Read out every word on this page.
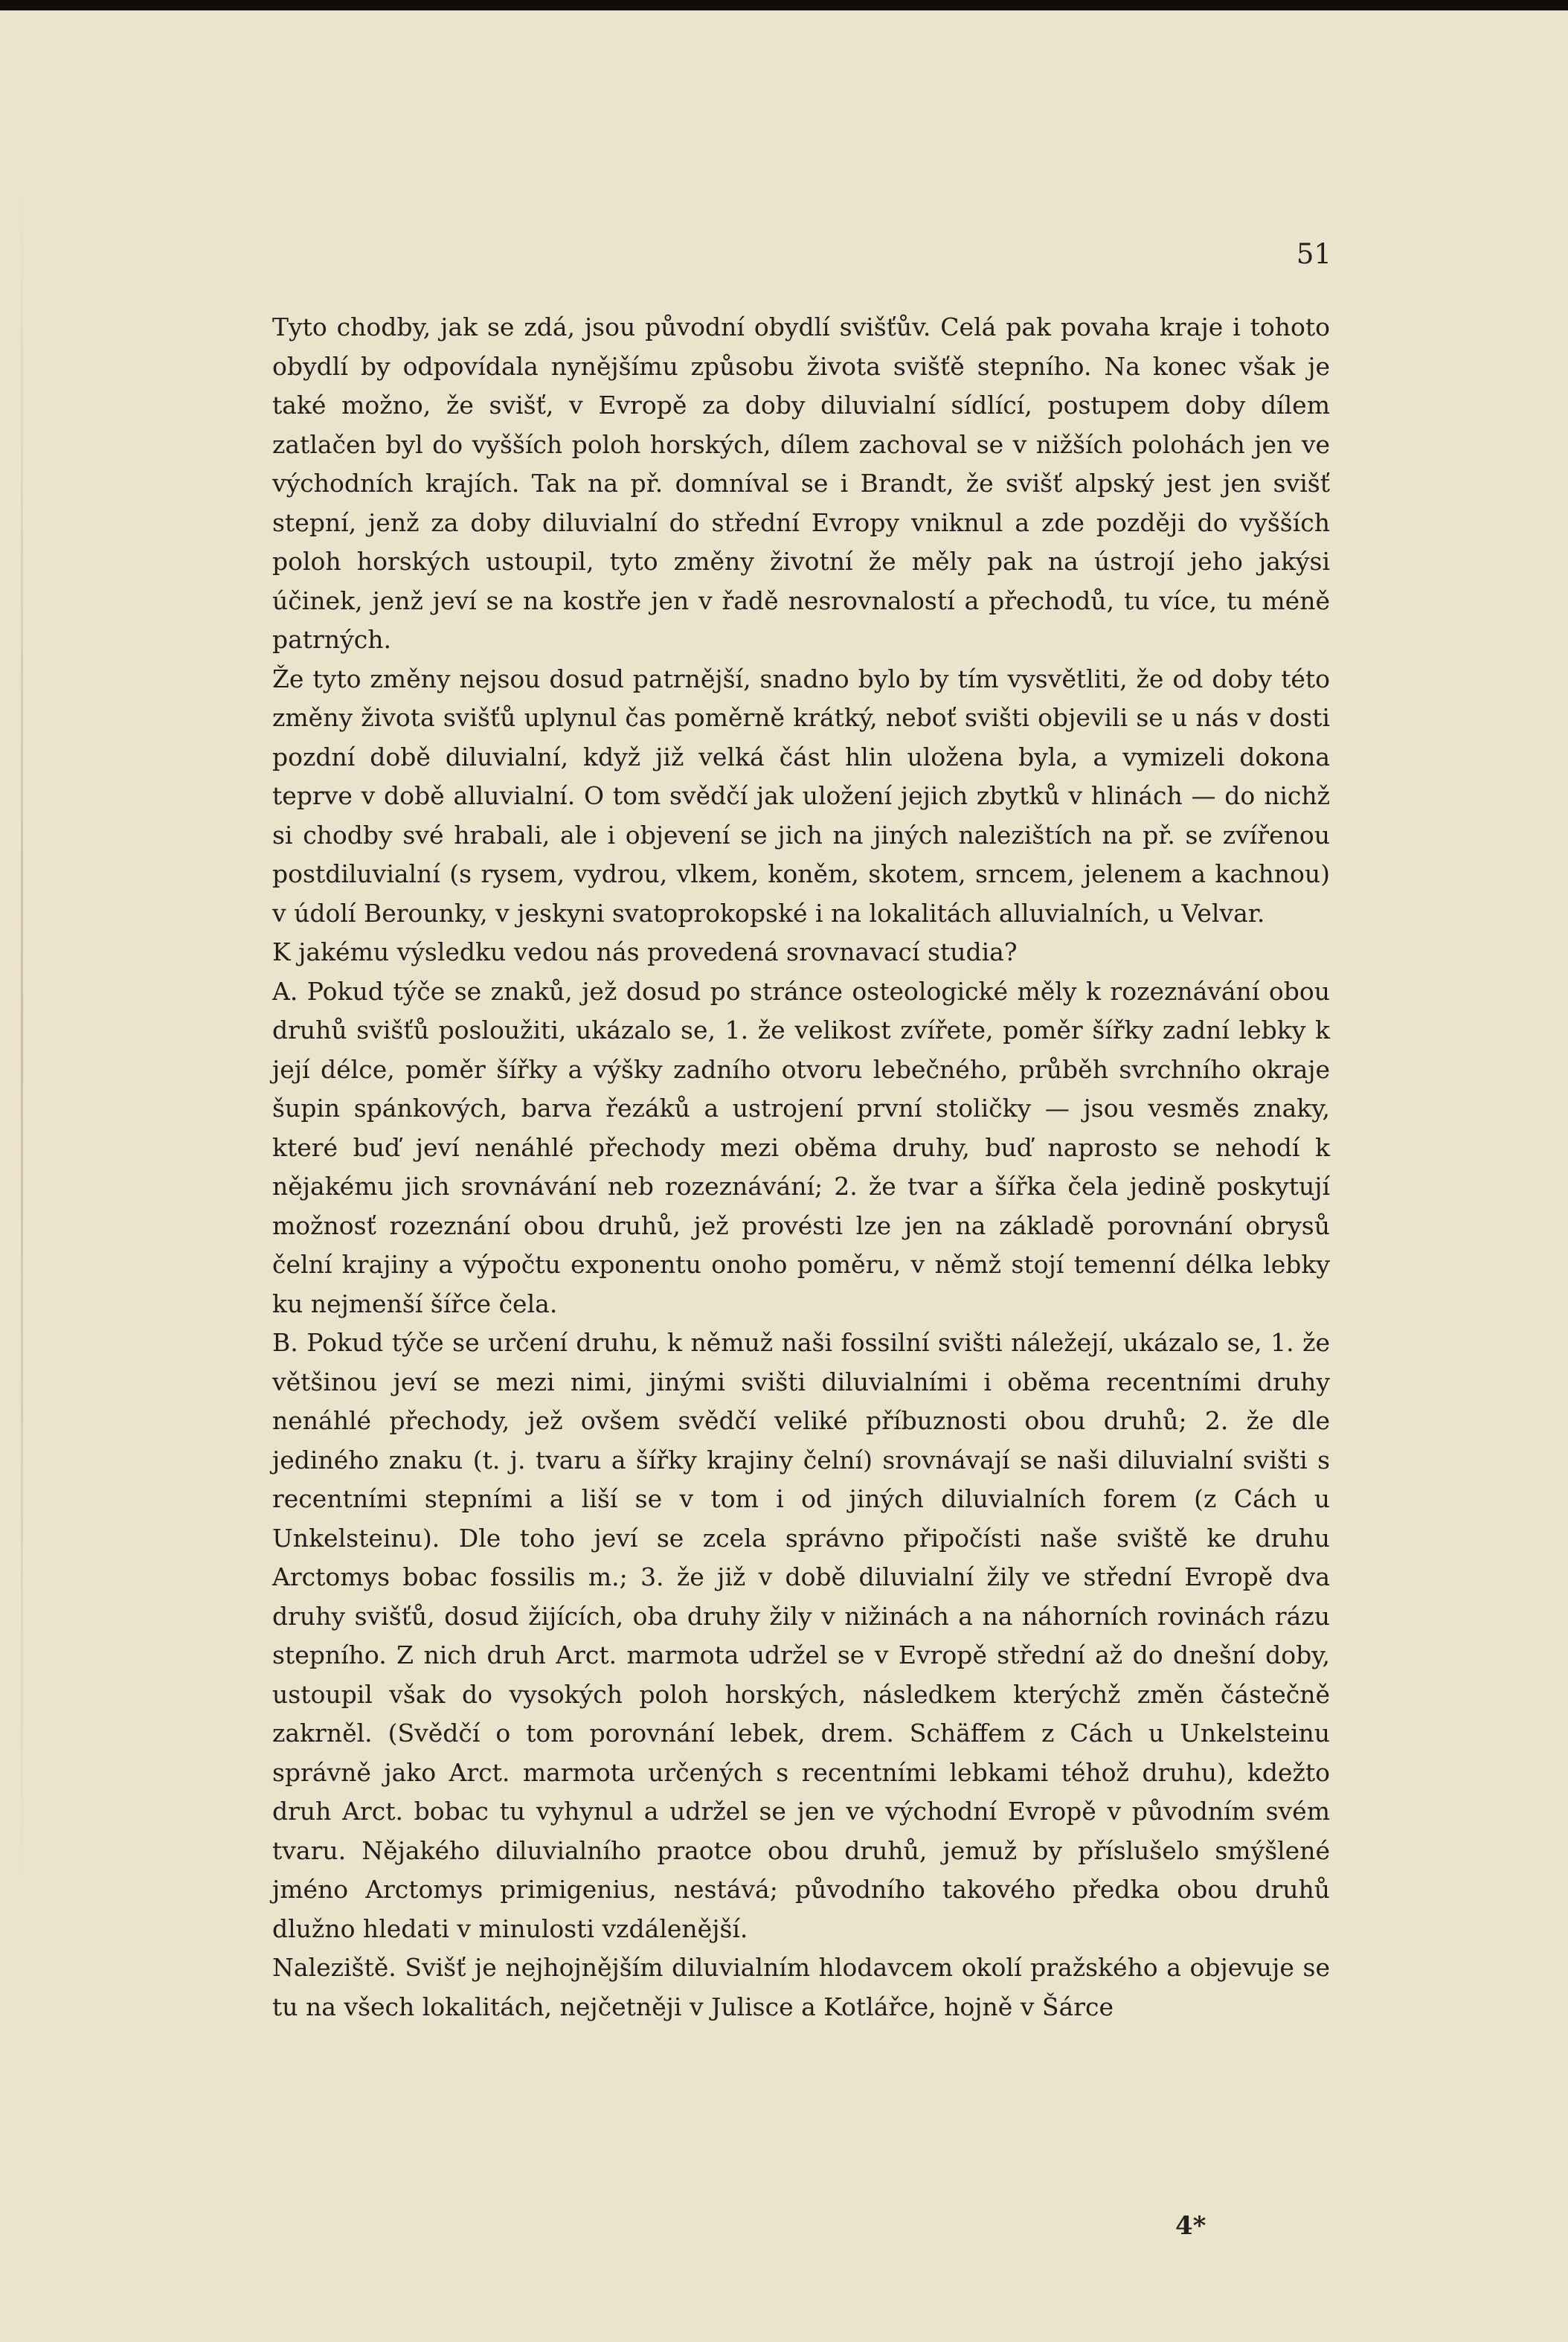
51

Tyto chodby, jak se zdá, jsou původní obydlí svišťův. Celá pak povaha kraje i tohoto obydlí by odpovídala nynějšímu způsobu života svišťě stepního. Na konec však je také možno, že svišť, v Evropě za doby diluvialní sídlící, postupem doby dílem zatlačen byl do vyšších poloh horských, dílem zachoval se v nižších polohách jen ve východních krajích. Tak na př. domníval se i Brandt, že svišť alpský jest jen svišť stepní, jenž za doby diluvialní do střední Evropy vniknul a zde později do vyšších poloh horských ustoupil, tyto změny životní že měly pak na ústrojí jeho jakýsi účinek, jenž jeví se na kostře jen v řadě nesrovnalostí a přechodů, tu více, tu méně patrných.

Že tyto změny nejsou dosud patrnější, snadno bylo by tím vysvětliti, že od doby této změny života svišťů uplynul čas poměrně krátký, neboť svišti objevili se u nás v dosti pozdní době diluvialní, když již velká část hlin uložena byla, a vymizeli dokona teprve v době alluvialní. O tom svědčí jak uložení jejich zbytků v hlinách — do nichž si chodby své hrabali, ale i objevení se jich na jiných nalezištích na př. se zvířenou postdiluvialní (s rysem, vydrou, vlkem, koněm, skotem, srncem, jelenem a kachnou) v údolí Berounky, v jeskyni svatoprokopské i na lokalitách alluvialních, u Velvar.

K jakému výsledku vedou nás provedená srovnavací studia?

A. Pokud týče se znaků, jež dosud po stránce osteologické měly k rozeznávání obou druhů svišťů posloužiti, ukázalo se, 1. že velikost zvířete, poměr šířky zadní lebky k její délce, poměr šířky a výšky zadního otvoru lebečného, průběh svrchního okraje šupin spánkových, barva řezáků a ustrojení první stoličky — jsou vesměs znaky, které buď jeví nenáhlé přechody mezi oběma druhy, buď naprosto se nehodí k nějakému jich srovnávání neb rozeznávání; 2. že tvar a šířka čela jedině poskytují možnosť rozeznání obou druhů, jež provésti lze jen na základě porovnání obrysů čelní krajiny a výpočtu exponentu onoho poměru, v němž stojí temenní délka lebky ku nejmenší šířce čela.

B. Pokud týče se určení druhu, k němuž naši fossilní svišti náležejí, ukázalo se, 1. že většinou jeví se mezi nimi, jinými svišti diluvialními i oběma recentními druhy nenáhlé přechody, jež ovšem svědčí veliké příbuznosti obou druhů; 2. že dle jediného znaku (t. j. tvaru a šířky krajiny čelní) srovnávají se naši diluvialní svišti s recentními stepními a liší se v tom i od jiných diluvialních forem (z Cách u Unkelsteinu). Dle toho jeví se zcela správno připočísti naše sviště ke druhu Arctomys bobac fossilis m.; 3. že již v době diluvialní žily ve střední Evropě dva druhy svišťů, dosud žijících, oba druhy žily v nižinách a na náhorních rovinách rázu stepního. Z nich druh Arct. marmota udržel se v Evropě střední až do dnešní doby, ustoupil však do vysokých poloh horských, následkem kterýchž změn částečně zakrněl. (Svědčí o tom porovnání lebek, drem. Schäffem z Cách u Unkelsteinu správně jako Arct. marmota určených s recentními lebkami téhož druhu), kdežto druh Arct. bobac tu vyhynul a udržel se jen ve východní Evropě v původním svém tvaru. Nějakého diluvialního praotce obou druhů, jemuž by příslušelo smýšlené jméno Arctomys primigenius, nestává; původního takového předka obou druhů dlužno hledati v minulosti vzdálenější.

Naleziště. Svišť je nejhojnějším diluvialním hlodavcem okolí pražského a objevuje se tu na všech lokalitách, nejčetněji v Julisce a Kotlářce, hojně v Šárce

4*
